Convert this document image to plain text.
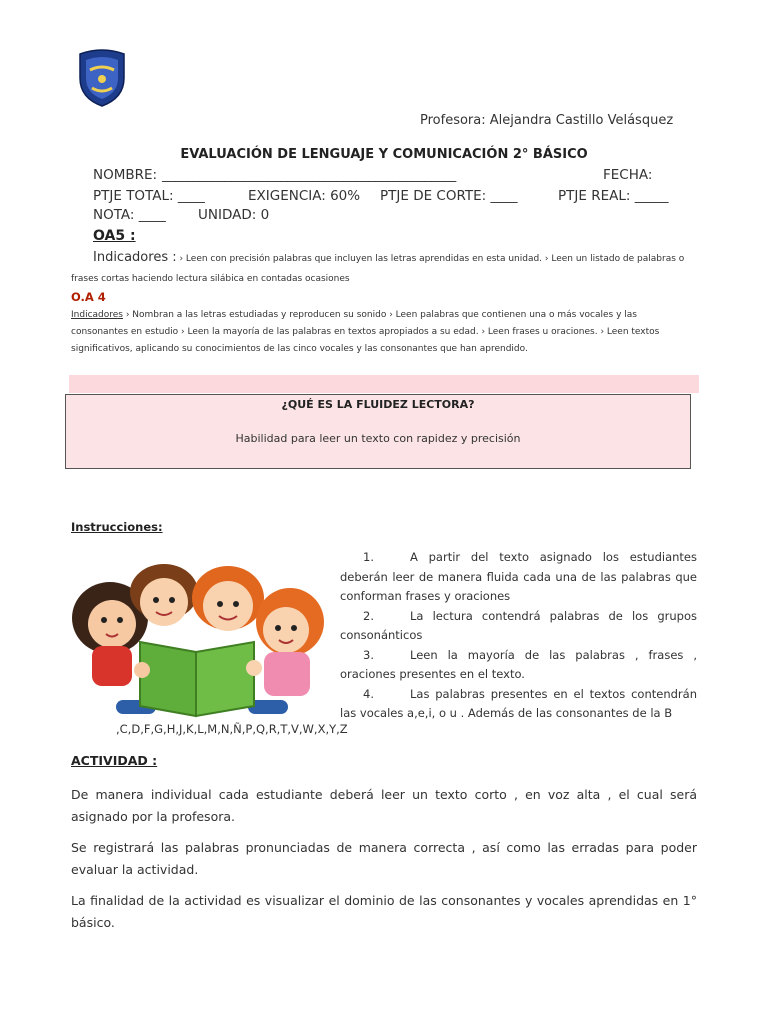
Profesora: Alejandra Castillo Velásquez
EVALUACIÓN DE LENGUAJE Y COMUNICACIÓN 2° BÁSICO
NOMBRE: _______________________________________________	FECHA:
PTJE TOTAL: ____	EXIGENCIA: 60% PTJE DE CORTE: ____	PTJE REAL: _____
NOTA: ____ UNIDAD: 0
OA5 :
Indicadores : › Leen con precisión palabras que incluyen las letras aprendidas en esta unidad. › Leen un listado de palabras o
frases cortas haciendo lectura silábica en contadas ocasiones
O.A 4
Indicadores › Nombran a las letras estudiadas y reproducen su sonido › Leen palabras que contienen una o más vocales y las
consonantes en estudio › Leen la mayoría de las palabras en textos apropiados a su edad. › Leen frases u oraciones. › Leen textos
significativos, aplicando su conocimientos de las cinco vocales y las consonantes que han aprendido.
¿QUÉ ES LA FLUIDEZ LECTORA?
Habilidad para leer un texto con rapidez y precisión
Instrucciones:

1.	A partir del texto asignado los estudiantes deberán leer de manera fluida cada una de las palabras que conforman frases y oraciones

2.	La lectura contendrá palabras de los grupos consonánticos

3.	Leen la mayoría de las palabras , frases , oraciones presentes en el texto.

4.	Las palabras presentes en el textos contendrán las vocales a,e,i, o u . Además de las consonantes de la B

,C,D,F,G,H,J,K,L,M,N,Ñ,P,Q,R,T,V,W,X,Y,Z
ACTIVIDAD :
De manera individual cada estudiante deberá leer un texto corto , en voz alta , el cual será asignado por la profesora.
Se registrará las palabras pronunciadas de manera correcta , así como las erradas para poder evaluar la actividad.
La finalidad de la actividad es visualizar el dominio de las consonantes y vocales aprendidas en 1° básico.
